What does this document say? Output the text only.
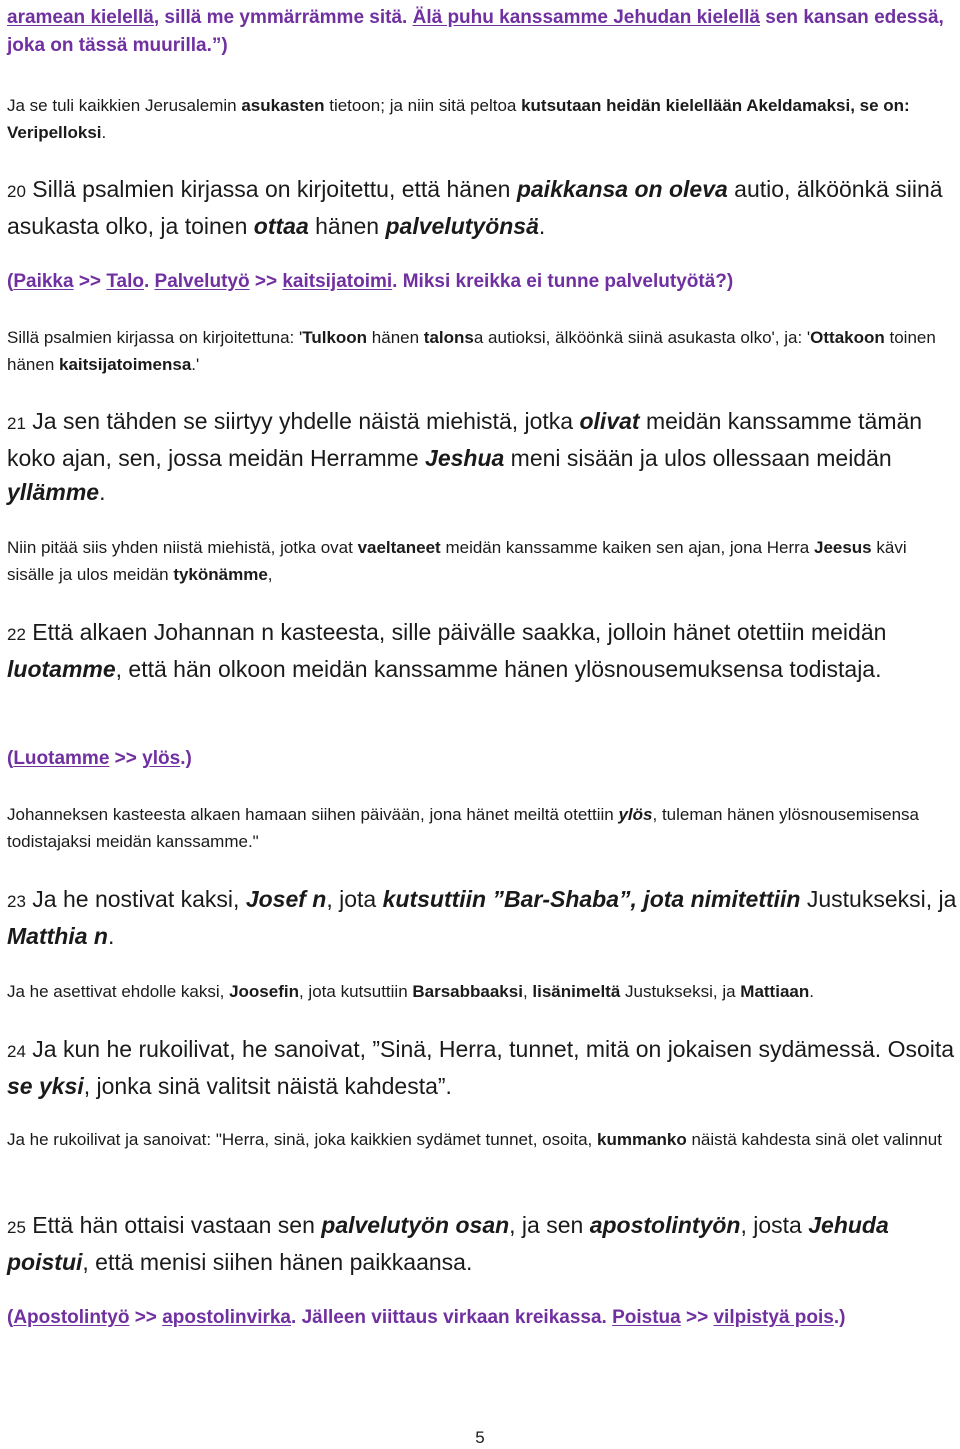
aramean kielellä, sillä me ymmärrämme sitä. Älä puhu kanssamme Jehudan kielellä sen kansan edessä, joka on tässä muurilla.”)

Ja se tuli kaikkien Jerusalemin asukasten tietoon; ja niin sitä peltoa kutsutaan heidän kielellään Akeldamaksi, se on: Veripelloksi.

20 Sillä psalmien kirjassa on kirjoitettu, että hänen paikkansa on oleva autio, älköönkä siinä asukasta olko, ja toinen ottaa hänen palvelutyönsä.

(Paikka >> Talo. Palvelutyö >> kaitsijatoimi. Miksi kreikka ei tunne palvelutyötä?)

Sillä psalmien kirjassa on kirjoitettuna: 'Tulkoon hänen talonsa autioksi, älköönkä siinä asukasta olko', ja: 'Ottakoon toinen hänen kaitsijatoimensa.'

21 Ja sen tähden se siirtyy yhdelle näistä miehistä, jotka olivat meidän kanssamme tämän koko ajan, sen, jossa meidän Herramme Jeshua meni sisään ja ulos ollessaan meidän yllämme.

Niin pitää siis yhden niistä miehistä, jotka ovat vaeltaneet meidän kanssamme kaiken sen ajan, jona Herra Jeesus kävi sisälle ja ulos meidän tykönämme,

22 Että alkaen Johannan n kasteesta, sille päivälle saakka, jolloin hänet otettiin meidän luotamme, että hän olkoon meidän kanssamme hänen ylösnousemuksensa todistaja.

(Luotamme >> ylös.)

Johanneksen kasteesta alkaen hamaan siihen päivään, jona hänet meiltä otettiin ylös, tuleman hänen ylösnousemisensa todistajaksi meidän kanssamme."

23 Ja he nostivat kaksi, Josef n, jota kutsuttiin ”Bar-Shaba”, jota nimitettiin Justukseksi, ja Matthia n.

Ja he asettivat ehdolle kaksi, Joosefin, jota kutsuttiin Barsabbaaksi, lisänimeltä Justukseksi, ja Mattiaan.

24 Ja kun he rukoilivat, he sanoivat, ”Sinä, Herra, tunnet, mitä on jokaisen sydämessä. Osoita se yksi, jonka sinä valitsit näistä kahdesta”.

Ja he rukoilivat ja sanoivat: "Herra, sinä, joka kaikkien sydämet tunnet, osoita, kummanko näistä kahdesta sinä olet valinnut

25 Että hän ottaisi vastaan sen palvelutyön osan, ja sen apostolintyön, josta Jehuda poistui, että menisi siihen hänen paikkaansa.

(Apostolintyö >> apostolinvirka. Jälleen viittaus virkaan kreikassa. Poistua >> vilpistyä pois.)

5
